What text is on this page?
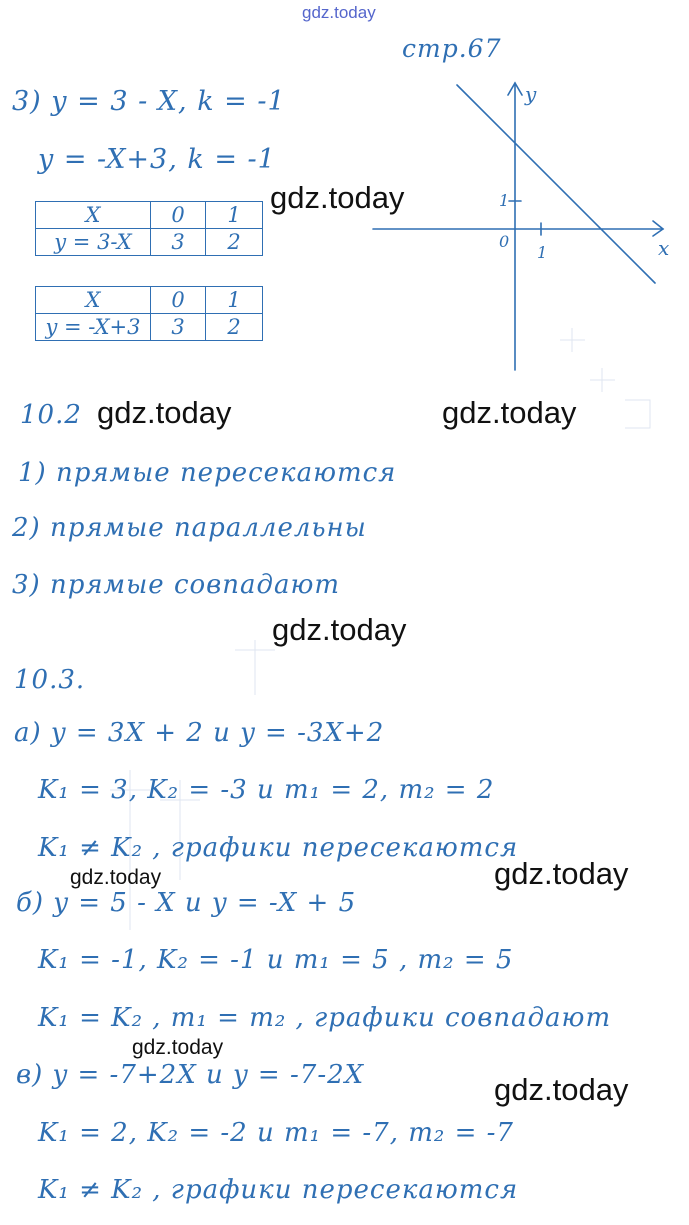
gdz.today
стр.67
3) y = 3 - X, k = -1
y = -X+3, k = -1
gdz.today
X	0	1
y = 3-X	3	2
X	0	1
y = -X+3	3	2
y
x
0
1
1
10.2 gdz.today	gdz.today
1) прямые пересекаются
2) прямые параллельны
3) прямые совпадают
gdz.today
10.3.
а) y = 3X + 2 и y = -3X+2
K₁ = 3, K₂ = -3 и m₁ = 2, m₂ = 2
K₁ ≠ K₂ , графики пересекаются
gdz.today	gdz.today
б) y = 5 - X и y = -X + 5
K₁ = -1, K₂ = -1 и m₁ = 5 , m₂ = 5
K₁ = K₂ , m₁ = m₂ , графики совпадают
gdz.today
в) y = -7+2X и y = -7-2X	gdz.today
K₁ = 2, K₂ = -2 и m₁ = -7, m₂ = -7
K₁ ≠ K₂ , графики пересекаются
